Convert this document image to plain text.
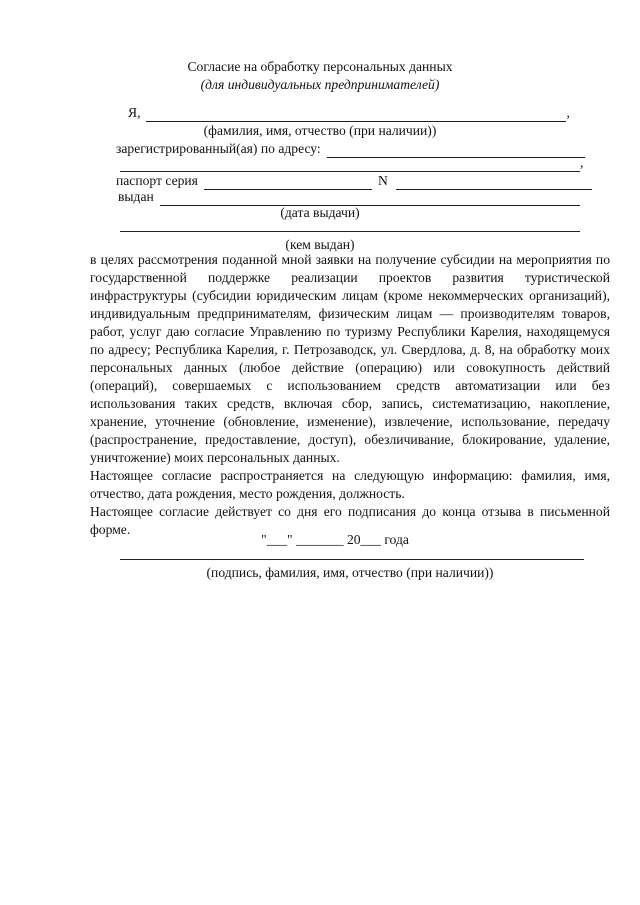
Согласие на обработку персональных данных
(для индивидуальных предпринимателей)
Я,	,
(фамилия, имя, отчество (при наличии))
зарегистрированный(ая) по адресу:
,
паспорт серия	N
выдан
(дата выдачи)
(кем выдан)

в целях рассмотрения поданной мной заявки на получение субсидии на мероприятия по государственной поддержке реализации проектов развития туристической инфраструктуры (субсидии юридическим лицам (кроме некоммерческих организаций), индивидуальным предпринимателям, физическим лицам — производителям товаров, работ, услуг даю согласие Управлению по туризму Республики Карелия, находящемуся по адресу; Республика Карелия, г. Петрозаводск, ул. Свердлова, д. 8, на обработку моих персональных данных (любое действие (операцию) или совокупность действий (операций), совершаемых с использованием средств автоматизации или без использования таких средств, включая сбор, запись, систематизацию, накопление, хранение, уточнение (обновление, изменение), извлечение, использование, передачу (распространение, предоставление, доступ), обезличивание, блокирование, удаление, уничтожение) моих персональных данных.

Настоящее согласие распространяется на следующую информацию: фамилия, имя, отчество, дата рождения, место рождения, должность.

Настоящее согласие действует со дня его подписания до конца отзыва в письменной форме.

"___" _______ 20___ года
(подпись, фамилия, имя, отчество (при наличии))
